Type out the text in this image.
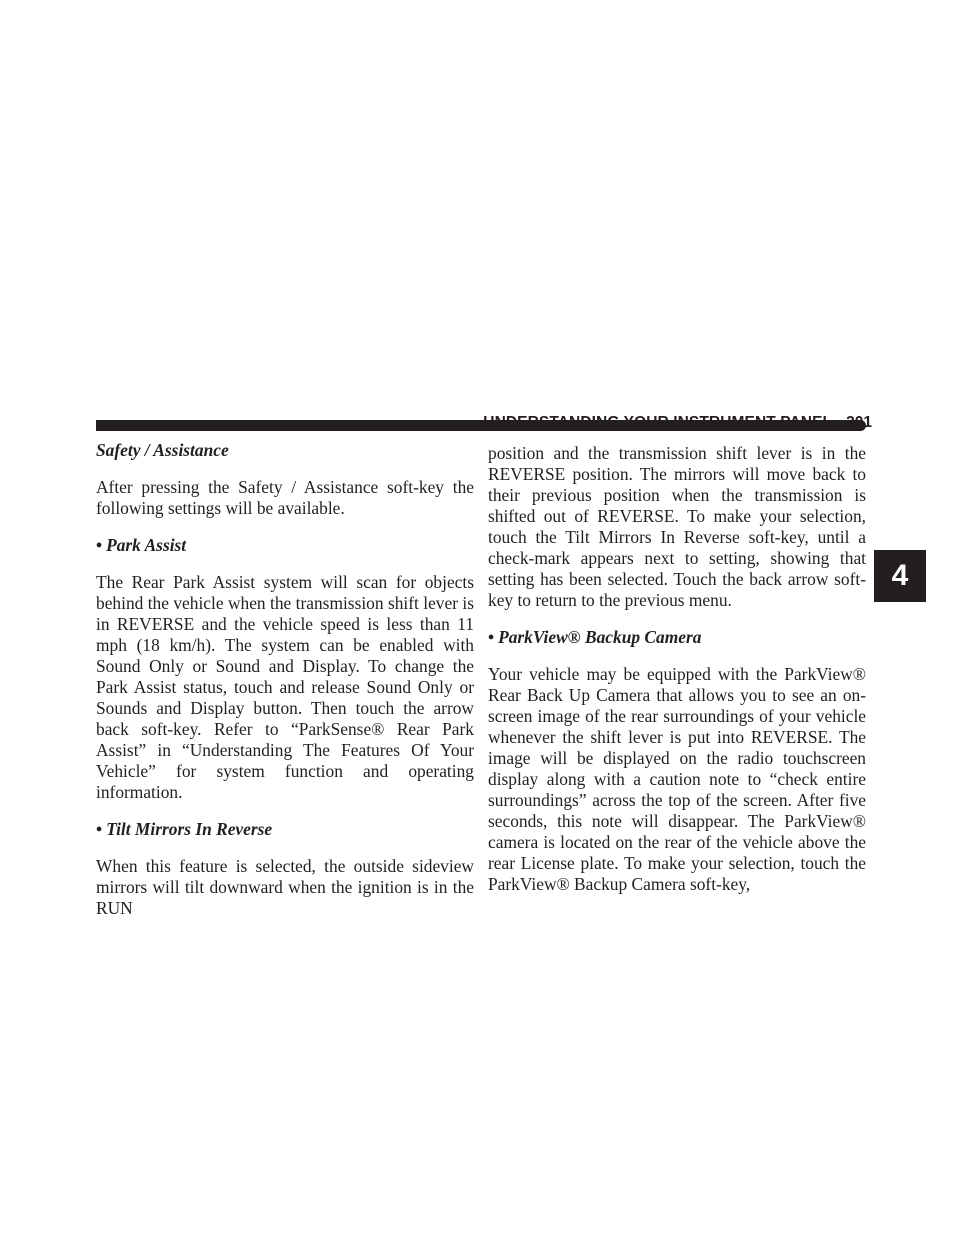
UNDERSTANDING YOUR INSTRUMENT PANEL 301
4

Safety / Assistance

After pressing the Safety / Assistance soft-key the following settings will be available.

• Park Assist

The Rear Park Assist system will scan for objects behind the vehicle when the transmission shift lever is in REVERSE and the vehicle speed is less than 11 mph (18 km/h). The system can be enabled with Sound Only or Sound and Display. To change the Park Assist status, touch and release Sound Only or Sounds and Display button. Then touch the arrow back soft-key. Refer to “ParkSense® Rear Park Assist” in “Understanding The Features Of Your Vehicle” for system function and operating information.

• Tilt Mirrors In Reverse

When this feature is selected, the outside sideview mirrors will tilt downward when the ignition is in the RUN

position and the transmission shift lever is in the REVERSE position. The mirrors will move back to their previous position when the transmission is shifted out of REVERSE. To make your selection, touch the Tilt Mirrors In Reverse soft-key, until a check-mark appears next to setting, showing that setting has been selected. Touch the back arrow soft-key to return to the previous menu.

• ParkView® Backup Camera

Your vehicle may be equipped with the ParkView® Rear Back Up Camera that allows you to see an on-screen image of the rear surroundings of your vehicle whenever the shift lever is put into REVERSE. The image will be displayed on the radio touchscreen display along with a caution note to “check entire surroundings” across the top of the screen. After five seconds, this note will disappear. The ParkView® camera is located on the rear of the vehicle above the rear License plate. To make your selection, touch the ParkView® Backup Camera soft-key,
